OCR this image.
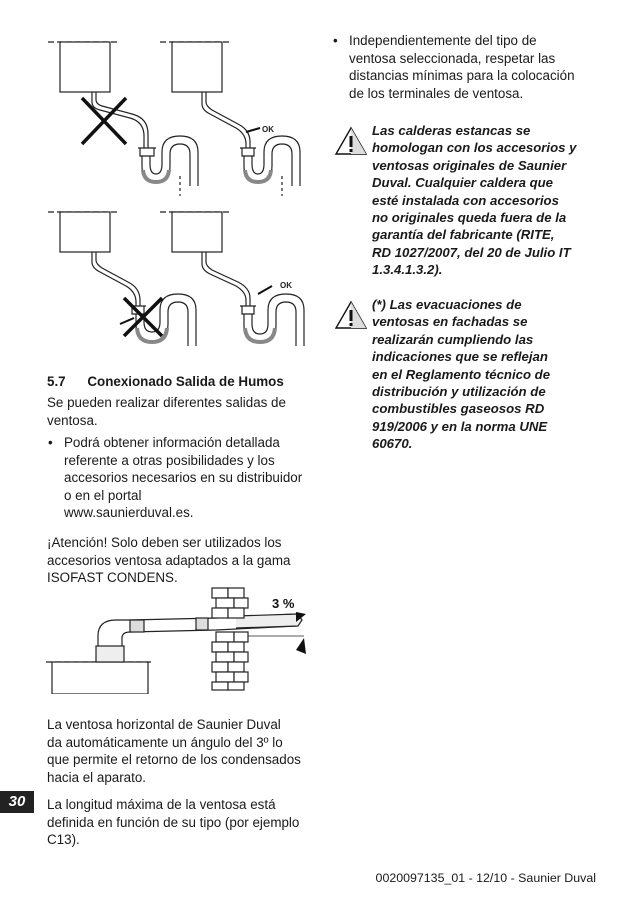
OK
OK
5.7 Conexionado Salida de Humos
Se pueden realizar diferentes salidas de
ventosa.
• Podrá obtener información detallada
referente a otras posibilidades y los
accesorios necesarios en su distribuidor
o en el portal
www.saunierduval.es.
¡Atención! Solo deben ser utilizados los
accesorios ventosa adaptados a la gama
ISOFAST CONDENS.
3 %
La ventosa horizontal de Saunier Duval
da automáticamente un ángulo del 3º lo
que permite el retorno de los condensados
hacia el aparato.
30	La longitud máxima de la ventosa está
definida en función de su tipo (por ejemplo
C13).
• Independientemente del tipo de
ventosa seleccionada, respetar las
distancias mínimas para la colocación
de los terminales de ventosa.
Las calderas estancas se
homologan con los accesorios y
ventosas originales de Saunier
Duval. Cualquier caldera que
esté instalada con accesorios
no originales queda fuera de la
garantía del fabricante (RITE,
RD 1027/2007, del 20 de Julio IT
1.3.4.1.3.2).
(*) Las evacuaciones de
ventosas en fachadas se
realizarán cumpliendo las
indicaciones que se reflejan
en el Reglamento técnico de
distribución y utilización de
combustibles gaseosos RD
919/2006 y en la norma UNE
60670.
0020097135_01 - 12/10 - Saunier Duval
